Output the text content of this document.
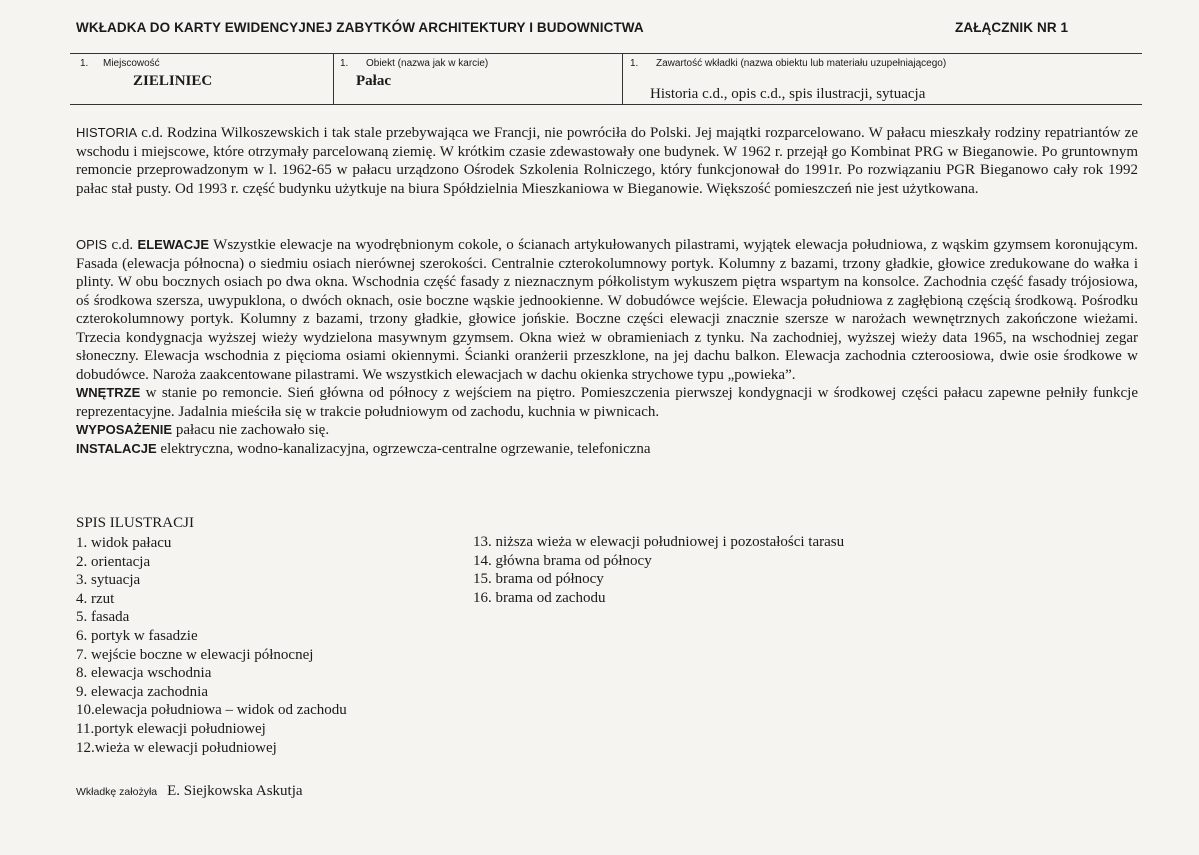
WKŁADKA DO KARTY EWIDENCYJNEJ ZABYTKÓW ARCHITEKTURY I BUDOWNICTWA	ZAŁĄCZNIK NR 1
1. Miejscowość
ZIELINIEC
1. Obiekt (nazwa jak w karcie)
Pałac
1. Zawartość wkładki (nazwa obiektu lub materiału uzupełniającego)
Historia c.d., opis c.d., spis ilustracji, sytuacja

HISTORIA c.d. Rodzina Wilkoszewskich i tak stale przebywająca we Francji, nie powróciła do Polski. Jej majątki rozparcelowano. W pałacu mieszkały rodziny repatriantów ze wschodu i miejscowe, które otrzymały parcelowaną ziemię. W krótkim czasie zdewastowały one budynek. W 1962 r. przejął go Kombinat PRG w Bieganowie. Po gruntownym remoncie przeprowadzonym w l. 1962-65 w pałacu urządzono Ośrodek Szkolenia Rolniczego, który funkcjonował do 1991r. Po rozwiązaniu PGR Bieganowo cały rok 1992 pałac stał pusty. Od 1993 r. część budynku użytkuje na biura Spółdzielnia Mieszkaniowa w Bieganowie. Większość pomieszczeń nie jest użytkowana.

OPIS c.d. ELEWACJE Wszystkie elewacje na wyodrębnionym cokole, o ścianach artykułowanych pilastrami, wyjątek elewacja południowa, z wąskim gzymsem koronującym. Fasada (elewacja północna) o siedmiu osiach nierównej szerokości. Centralnie czterokolumnowy portyk. Kolumny z bazami, trzony gładkie, głowice zredukowane do wałka i plinty. W obu bocznych osiach po dwa okna. Wschodnia część fasady z nieznacznym półkolistym wykuszem piętra wspartym na konsolce. Zachodnia część fasady trójosiowa, oś środkowa szersza, uwypuklona, o dwóch oknach, osie boczne wąskie jednookienne. W dobudówce wejście. Elewacja południowa z zagłębioną częścią środkową. Pośrodku czterokolumnowy portyk. Kolumny z bazami, trzony gładkie, głowice jońskie. Boczne części elewacji znacznie szersze w narożach wewnętrznych zakończone wieżami. Trzecia kondygnacja wyższej wieży wydzielona masywnym gzymsem. Okna wież w obramieniach z tynku. Na zachodniej, wyższej wieży data 1965, na wschodniej zegar słoneczny. Elewacja wschodnia z pięcioma osiami okiennymi. Ścianki oranżerii przeszklone, na jej dachu balkon. Elewacja zachodnia czteroosiowa, dwie osie środkowe w dobudówce. Naroża zaakcentowane pilastrami. We wszystkich elewacjach w dachu okienka strychowe typu „powieka”.
WNĘTRZE w stanie po remoncie. Sień główna od północy z wejściem na piętro. Pomieszczenia pierwszej kondygnacji w środkowej części pałacu zapewne pełniły funkcje reprezentacyjne. Jadalnia mieściła się w trakcie południowym od zachodu, kuchnia w piwnicach.
WYPOSAŻENIE pałacu nie zachowało się.
INSTALACJE elektryczna, wodno-kanalizacyjna, ogrzewcza-centralne ogrzewanie, telefoniczna

SPIS ILUSTRACJI
1. widok pałacu
2. orientacja
3. sytuacja
4. rzut
5. fasada
6. portyk w fasadzie
7. wejście boczne w elewacji północnej
8. elewacja wschodnia
9. elewacja zachodnia
10.elewacja południowa – widok od zachodu
11.portyk elewacji południowej
12.wieża w elewacji południowej
13. niższa wieża w elewacji południowej i pozostałości tarasu
14. główna brama od północy
15. brama od północy
16. brama od zachodu
Wkładkę założyła E. Siejkowska Askutja
